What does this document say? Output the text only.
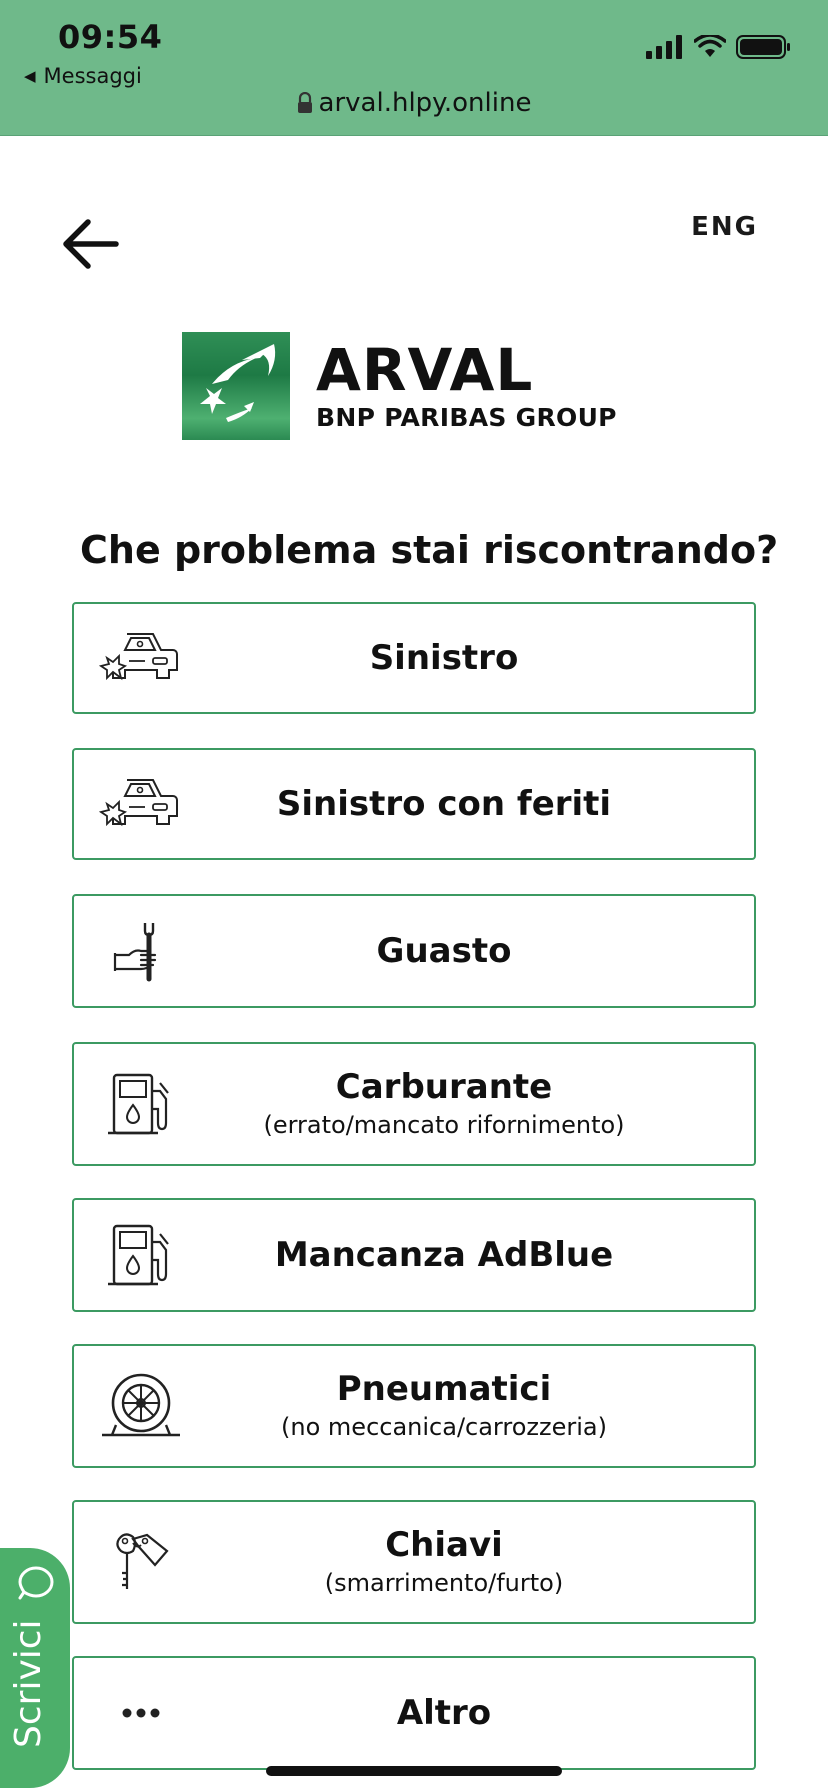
09:54
◀ Messaggi
arval.hlpy.online
ENG
ARVAL
BNP PARIBAS GROUP
Che problema stai riscontrando?
Sinistro
Sinistro con feriti
Guasto
Carburante
(errato/mancato rifornimento)
Mancanza AdBlue
Pneumatici
(no meccanica/carrozzeria)
Chiavi
(smarrimento/furto)
Altro
Scrivici
